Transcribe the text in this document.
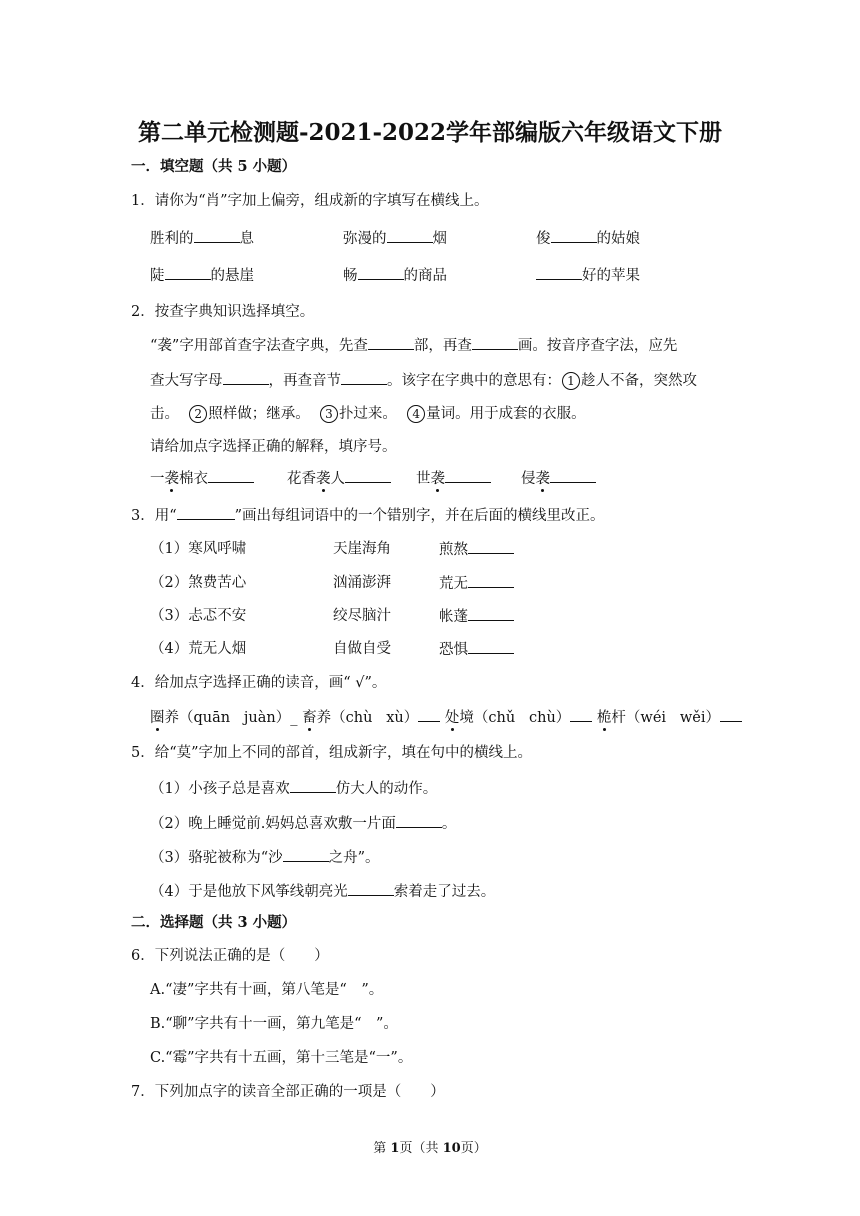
第二单元检测题-2021-2022学年部编版六年级语文下册
一．填空题（共 5 小题）
1．请你为“肖”字加上偏旁，组成新的字填写在横线上。
胜利的	息	弥漫的	烟	俊	的姑娘
陡	的悬崖	畅	的商品	好的苹果
2．按查字典知识选择填空。
“袭”字用部首查字法查字典，先查	部，再查	画。按音序查字法，应先
查大写字母	，再查音节	。该字在字典中的意思有： 1 趁人不备，突然攻
击。 2 照样做；继承。 3 扑过来。 4 量词。用于成套的衣服。
请给加点字选择正确的解释，填序号。
一袭棉衣	花香袭人	世袭	侵袭
3．用“	”画出每组词语中的一个错别字，并在后面的横线里改正。
（1）寒风呼啸	天崖海角	煎熬
（2）煞费苦心	汹涌澎湃	荒无
（3）忐忑不安	绞尽脑汁	帐蓬
（4）荒无人烟	自做自受	恐惧
4．给加点字选择正确的读音，画“ √”。
圈养（quān   juàn）_ 畜养（chù   xù） 处境（chǔ   chù） 桅杆（wéi   wěi）
5．给“莫”字加上不同的部首，组成新字，填在句中的横线上。
（1）小孩子总是喜欢	仿大人的动作。
（2）晚上睡觉前.妈妈总喜欢敷一片面	。
（3）骆驼被称为“沙	之舟”。
（4）于是他放下风筝线朝亮光	索着走了过去。
二．选择题（共 3 小题）
6．下列说法正确的是（　　）
A.“凄”字共有十画，第八笔是“　”。
B.“聊”字共有十一画，第九笔是“　”。
C.“霉”字共有十五画，第十三笔是“一”。
7．下列加点字的读音全部正确的一项是（　　）
第 1页（共 10页）
